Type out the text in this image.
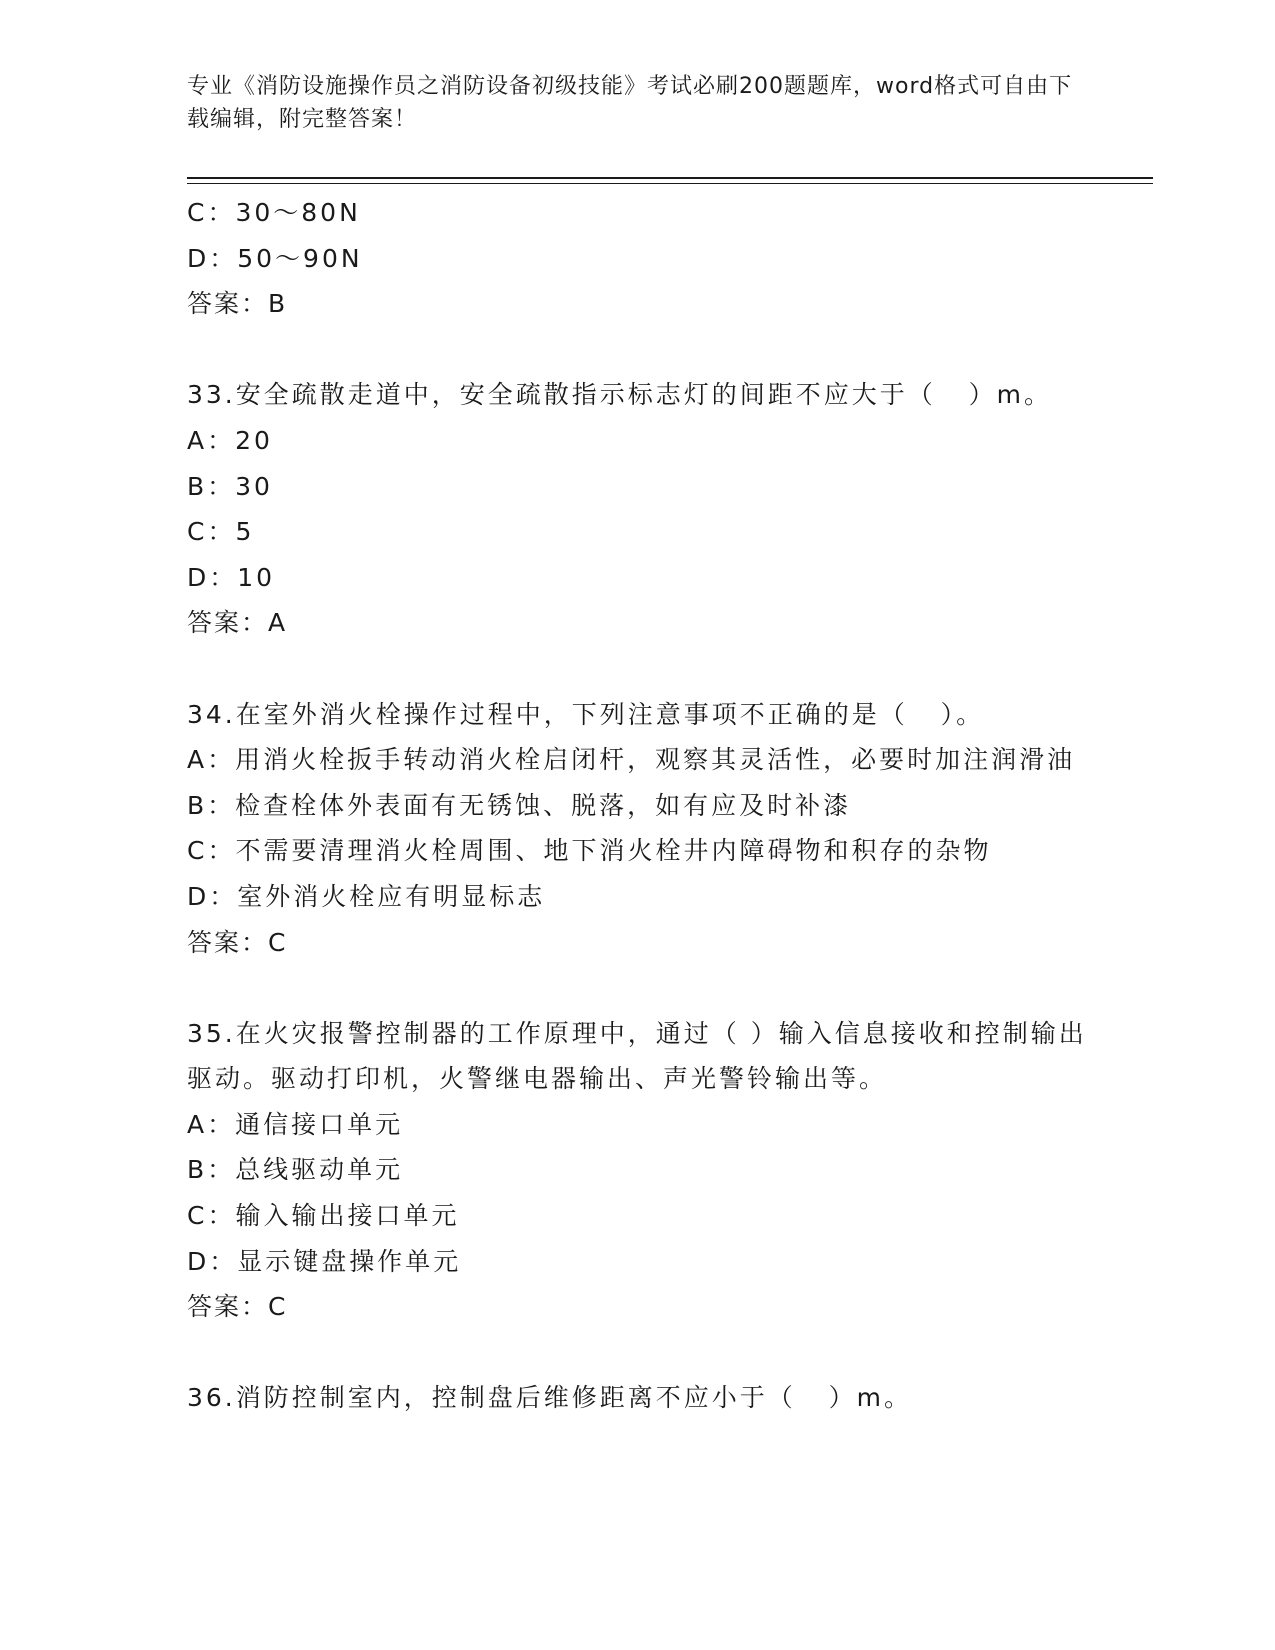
专业《消防设施操作员之消防设备初级技能》考试必刷200题题库，word格式可自由下载编辑，附完整答案！
C：30～80N
D：50～90N
答案：B
33.安全疏散走道中，安全疏散指示标志灯的间距不应大于（   ）m。
A：20
B：30
C：5
D：10
答案：A
34.在室外消火栓操作过程中，下列注意事项不正确的是（   ）。
A：用消火栓扳手转动消火栓启闭杆，观察其灵活性，必要时加注润滑油
B：检查栓体外表面有无锈蚀、脱落，如有应及时补漆
C：不需要清理消火栓周围、地下消火栓井内障碍物和积存的杂物
D：室外消火栓应有明显标志
答案：C
35.在火灾报警控制器的工作原理中，通过（ ）输入信息接收和控制输出驱动。驱动打印机，火警继电器输出、声光警铃输出等。
A：通信接口单元
B：总线驱动单元
C：输入输出接口单元
D：显示键盘操作单元
答案：C
36.消防控制室内，控制盘后维修距离不应小于（   ）m。
